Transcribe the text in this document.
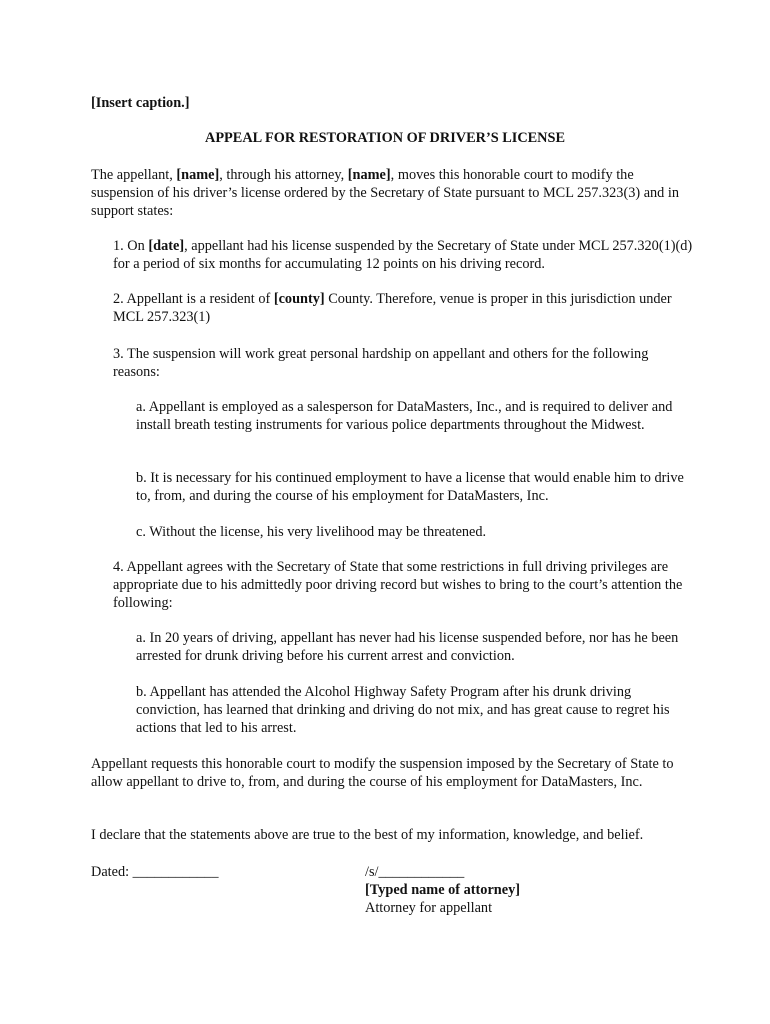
[Insert caption.]

APPEAL FOR RESTORATION OF DRIVER’S LICENSE

The appellant, [name], through his attorney, [name], moves this honorable court to modify the suspension of his driver’s license ordered by the Secretary of State pursuant to MCL 257.323(3) and in support states:

1. On [date], appellant had his license suspended by the Secretary of State under MCL 257.320(1)(d) for a period of six months for accumulating 12 points on his driving record.

2. Appellant is a resident of [county] County. Therefore, venue is proper in this jurisdiction under MCL 257.323(1)

3. The suspension will work great personal hardship on appellant and others for the following reasons:

a. Appellant is employed as a salesperson for DataMasters, Inc., and is required to deliver and install breath testing instruments for various police departments throughout the Midwest.

b. It is necessary for his continued employment to have a license that would enable him to drive to, from, and during the course of his employment for DataMasters, Inc.

c. Without the license, his very livelihood may be threatened.

4. Appellant agrees with the Secretary of State that some restrictions in full driving privileges are appropriate due to his admittedly poor driving record but wishes to bring to the court’s attention the following:

a. In 20 years of driving, appellant has never had his license suspended before, nor has he been arrested for drunk driving before his current arrest and conviction.

b. Appellant has attended the Alcohol Highway Safety Program after his drunk driving conviction, has learned that drinking and driving do not mix, and has great cause to regret his actions that led to his arrest.

Appellant requests this honorable court to modify the suspension imposed by the Secretary of State to allow appellant to drive to, from, and during the course of his employment for DataMasters, Inc.

I declare that the statements above are true to the best of my information, knowledge, and belief.

Dated: ____________	/s/____________
[Typed name of attorney]
Attorney for appellant
